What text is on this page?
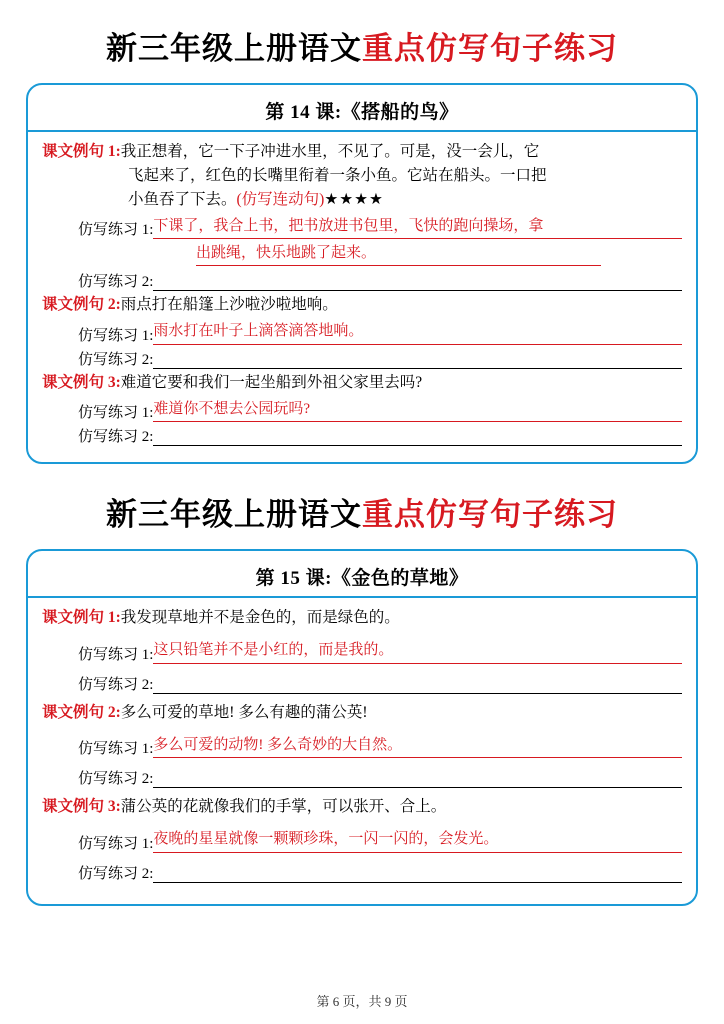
新三年级上册语文重点仿写句子练习
第 14 课:《搭船的鸟》
课文例句 1:我正想着，它一下子冲进水里，不见了。可是，没一会儿，它
飞起来了，红色的长嘴里衔着一条小鱼。它站在船头。一口把
小鱼吞了下去。(仿写连动句)★★★★
仿写练习 1: 下课了，我合上书，把书放进书包里，飞快的跑向操场，拿
出跳绳，快乐地跳了起来。
仿写练习 2:
课文例句 2:雨点打在船篷上沙啦沙啦地响。
仿写练习 1: 雨水打在叶子上滴答滴答地响。
仿写练习 2:
课文例句 3:难道它要和我们一起坐船到外祖父家里去吗?
仿写练习 1: 难道你不想去公园玩吗?
仿写练习 2:
新三年级上册语文重点仿写句子练习
第 15 课:《金色的草地》
课文例句 1:我发现草地并不是金色的，而是绿色的。
仿写练习 1: 这只铅笔并不是小红的，而是我的。
仿写练习 2:
课文例句 2:多么可爱的草地! 多么有趣的蒲公英!
仿写练习 1: 多么可爱的动物! 多么奇妙的大自然。
仿写练习 2:
课文例句 3:蒲公英的花就像我们的手掌，可以张开、合上。
仿写练习 1: 夜晚的星星就像一颗颗珍珠，一闪一闪的，会发光。
仿写练习 2:
第 6 页，共 9 页
